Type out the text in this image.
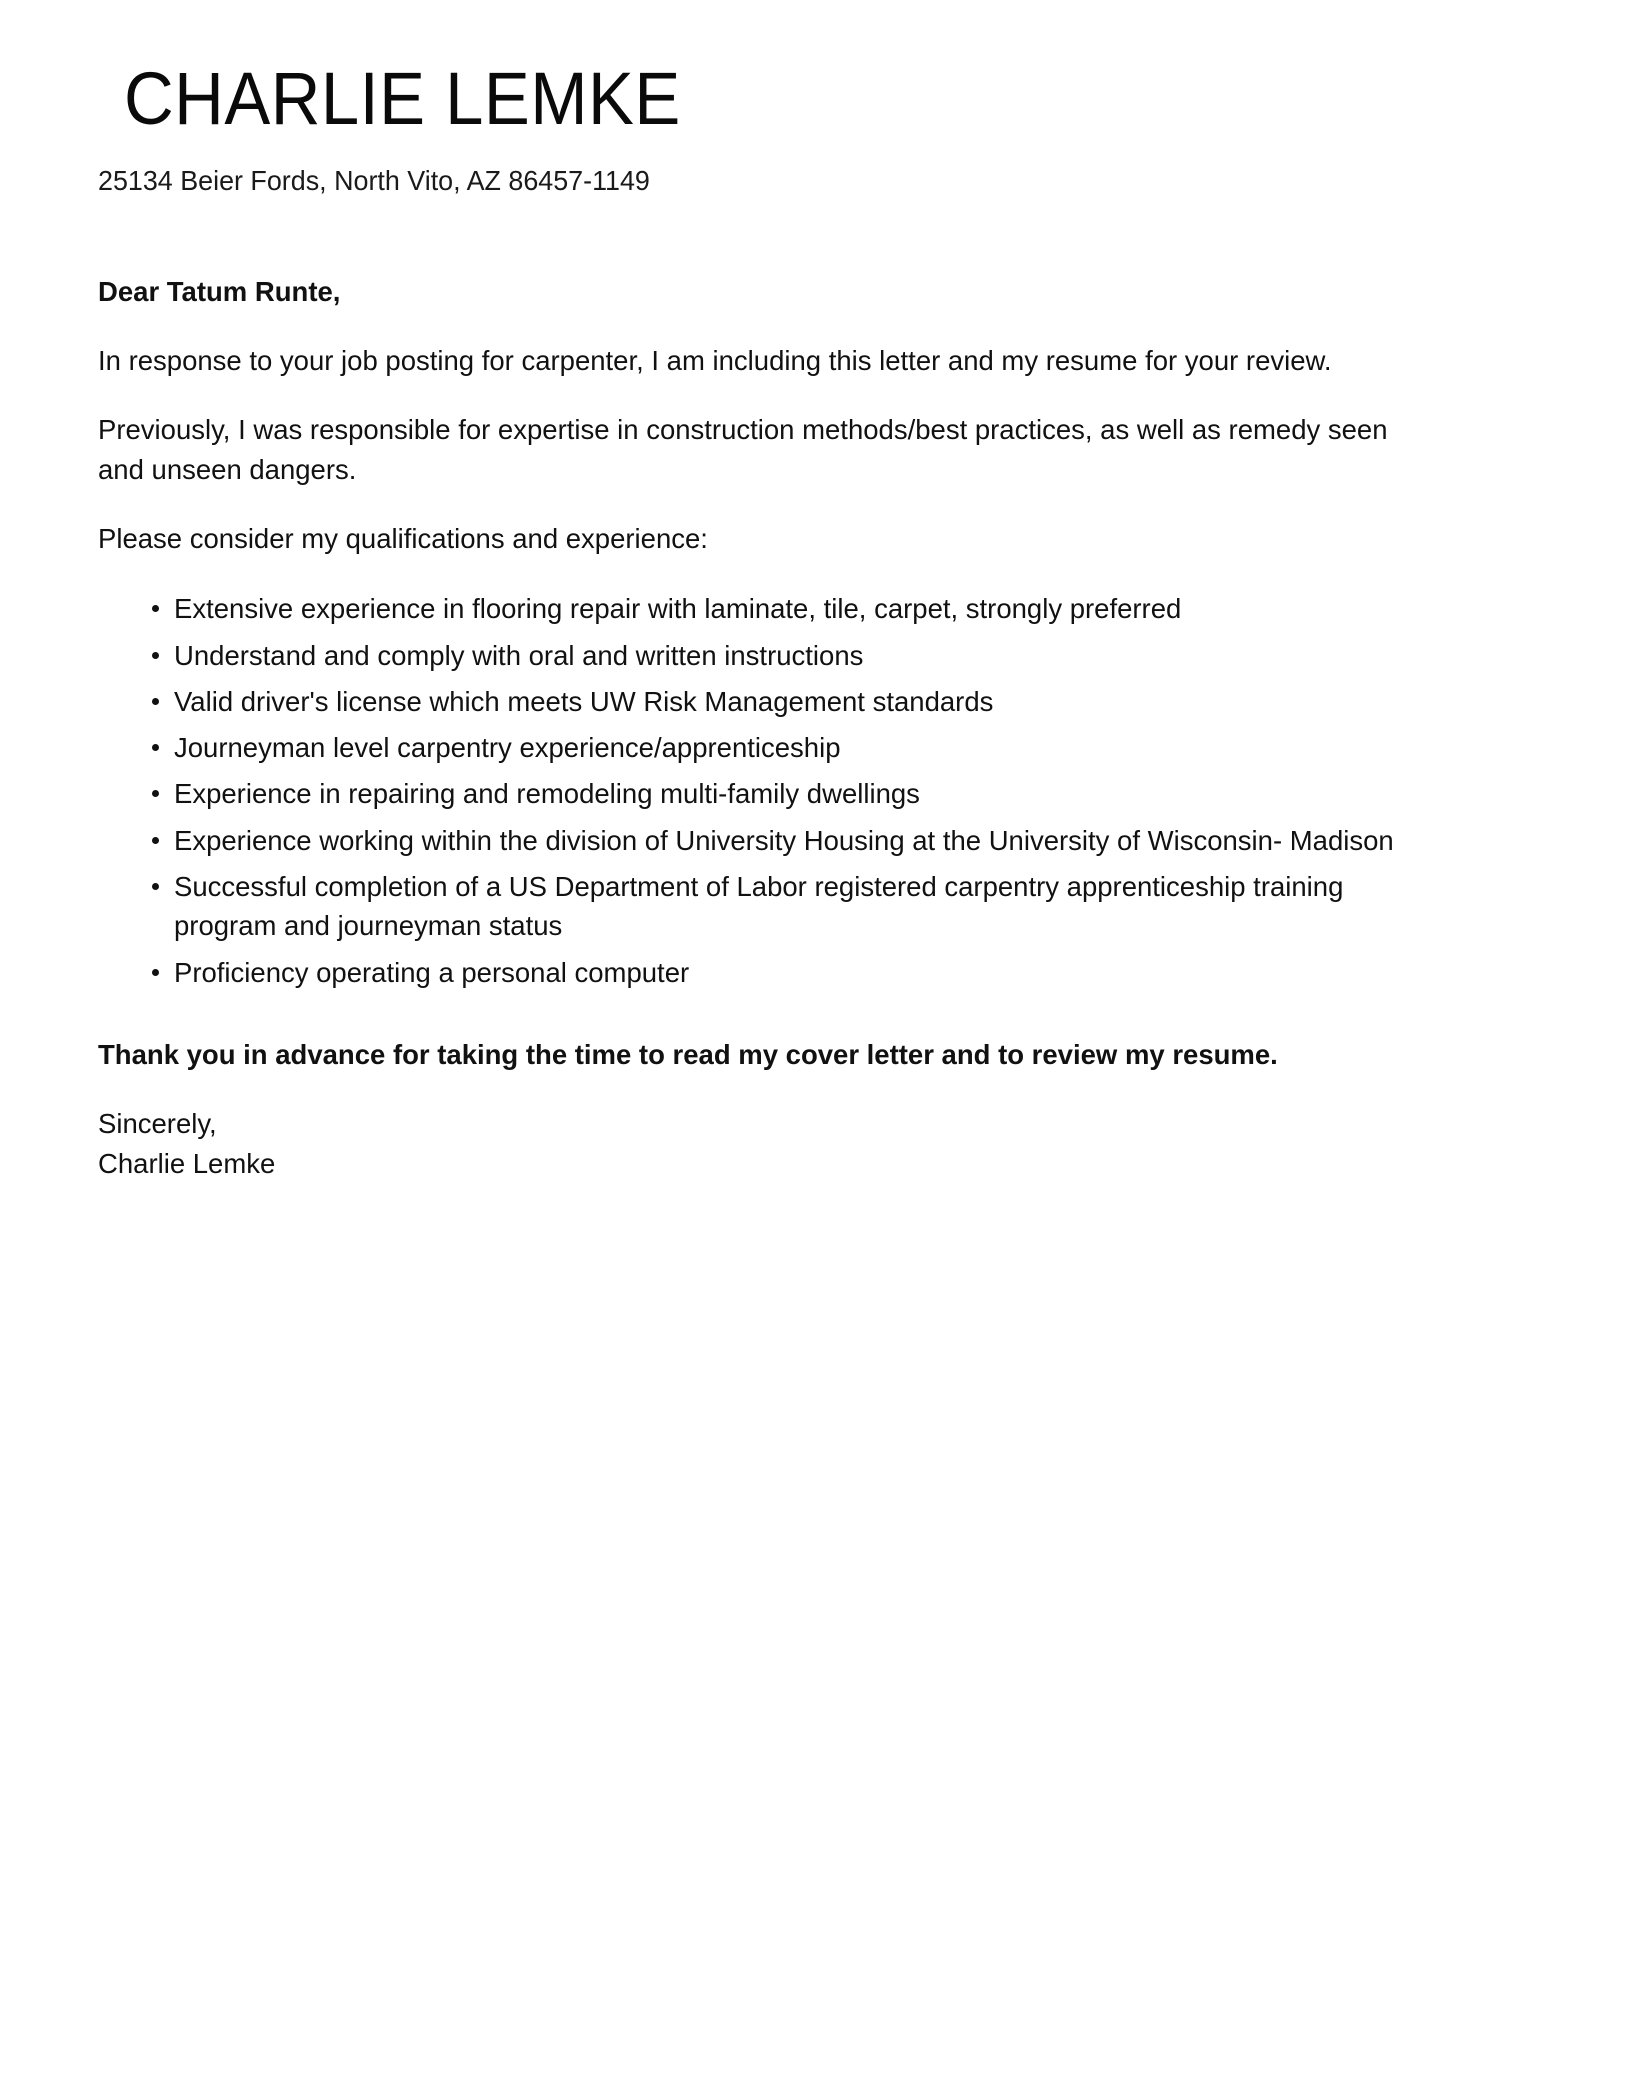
CHARLIE LEMKE

25134 Beier Fords, North Vito, AZ 86457-1149

Dear Tatum Runte,

In response to your job posting for carpenter, I am including this letter and my resume for your review.

Previously, I was responsible for expertise in construction methods/best practices, as well as remedy seen and unseen dangers.

Please consider my qualifications and experience:

Extensive experience in flooring repair with laminate, tile, carpet, strongly preferred
Understand and comply with oral and written instructions
Valid driver's license which meets UW Risk Management standards
Journeyman level carpentry experience/apprenticeship
Experience in repairing and remodeling multi-family dwellings
Experience working within the division of University Housing at the University of Wisconsin- Madison
Successful completion of a US Department of Labor registered carpentry apprenticeship training program and journeyman status
Proficiency operating a personal computer

Thank you in advance for taking the time to read my cover letter and to review my resume.

Sincerely,
Charlie Lemke
